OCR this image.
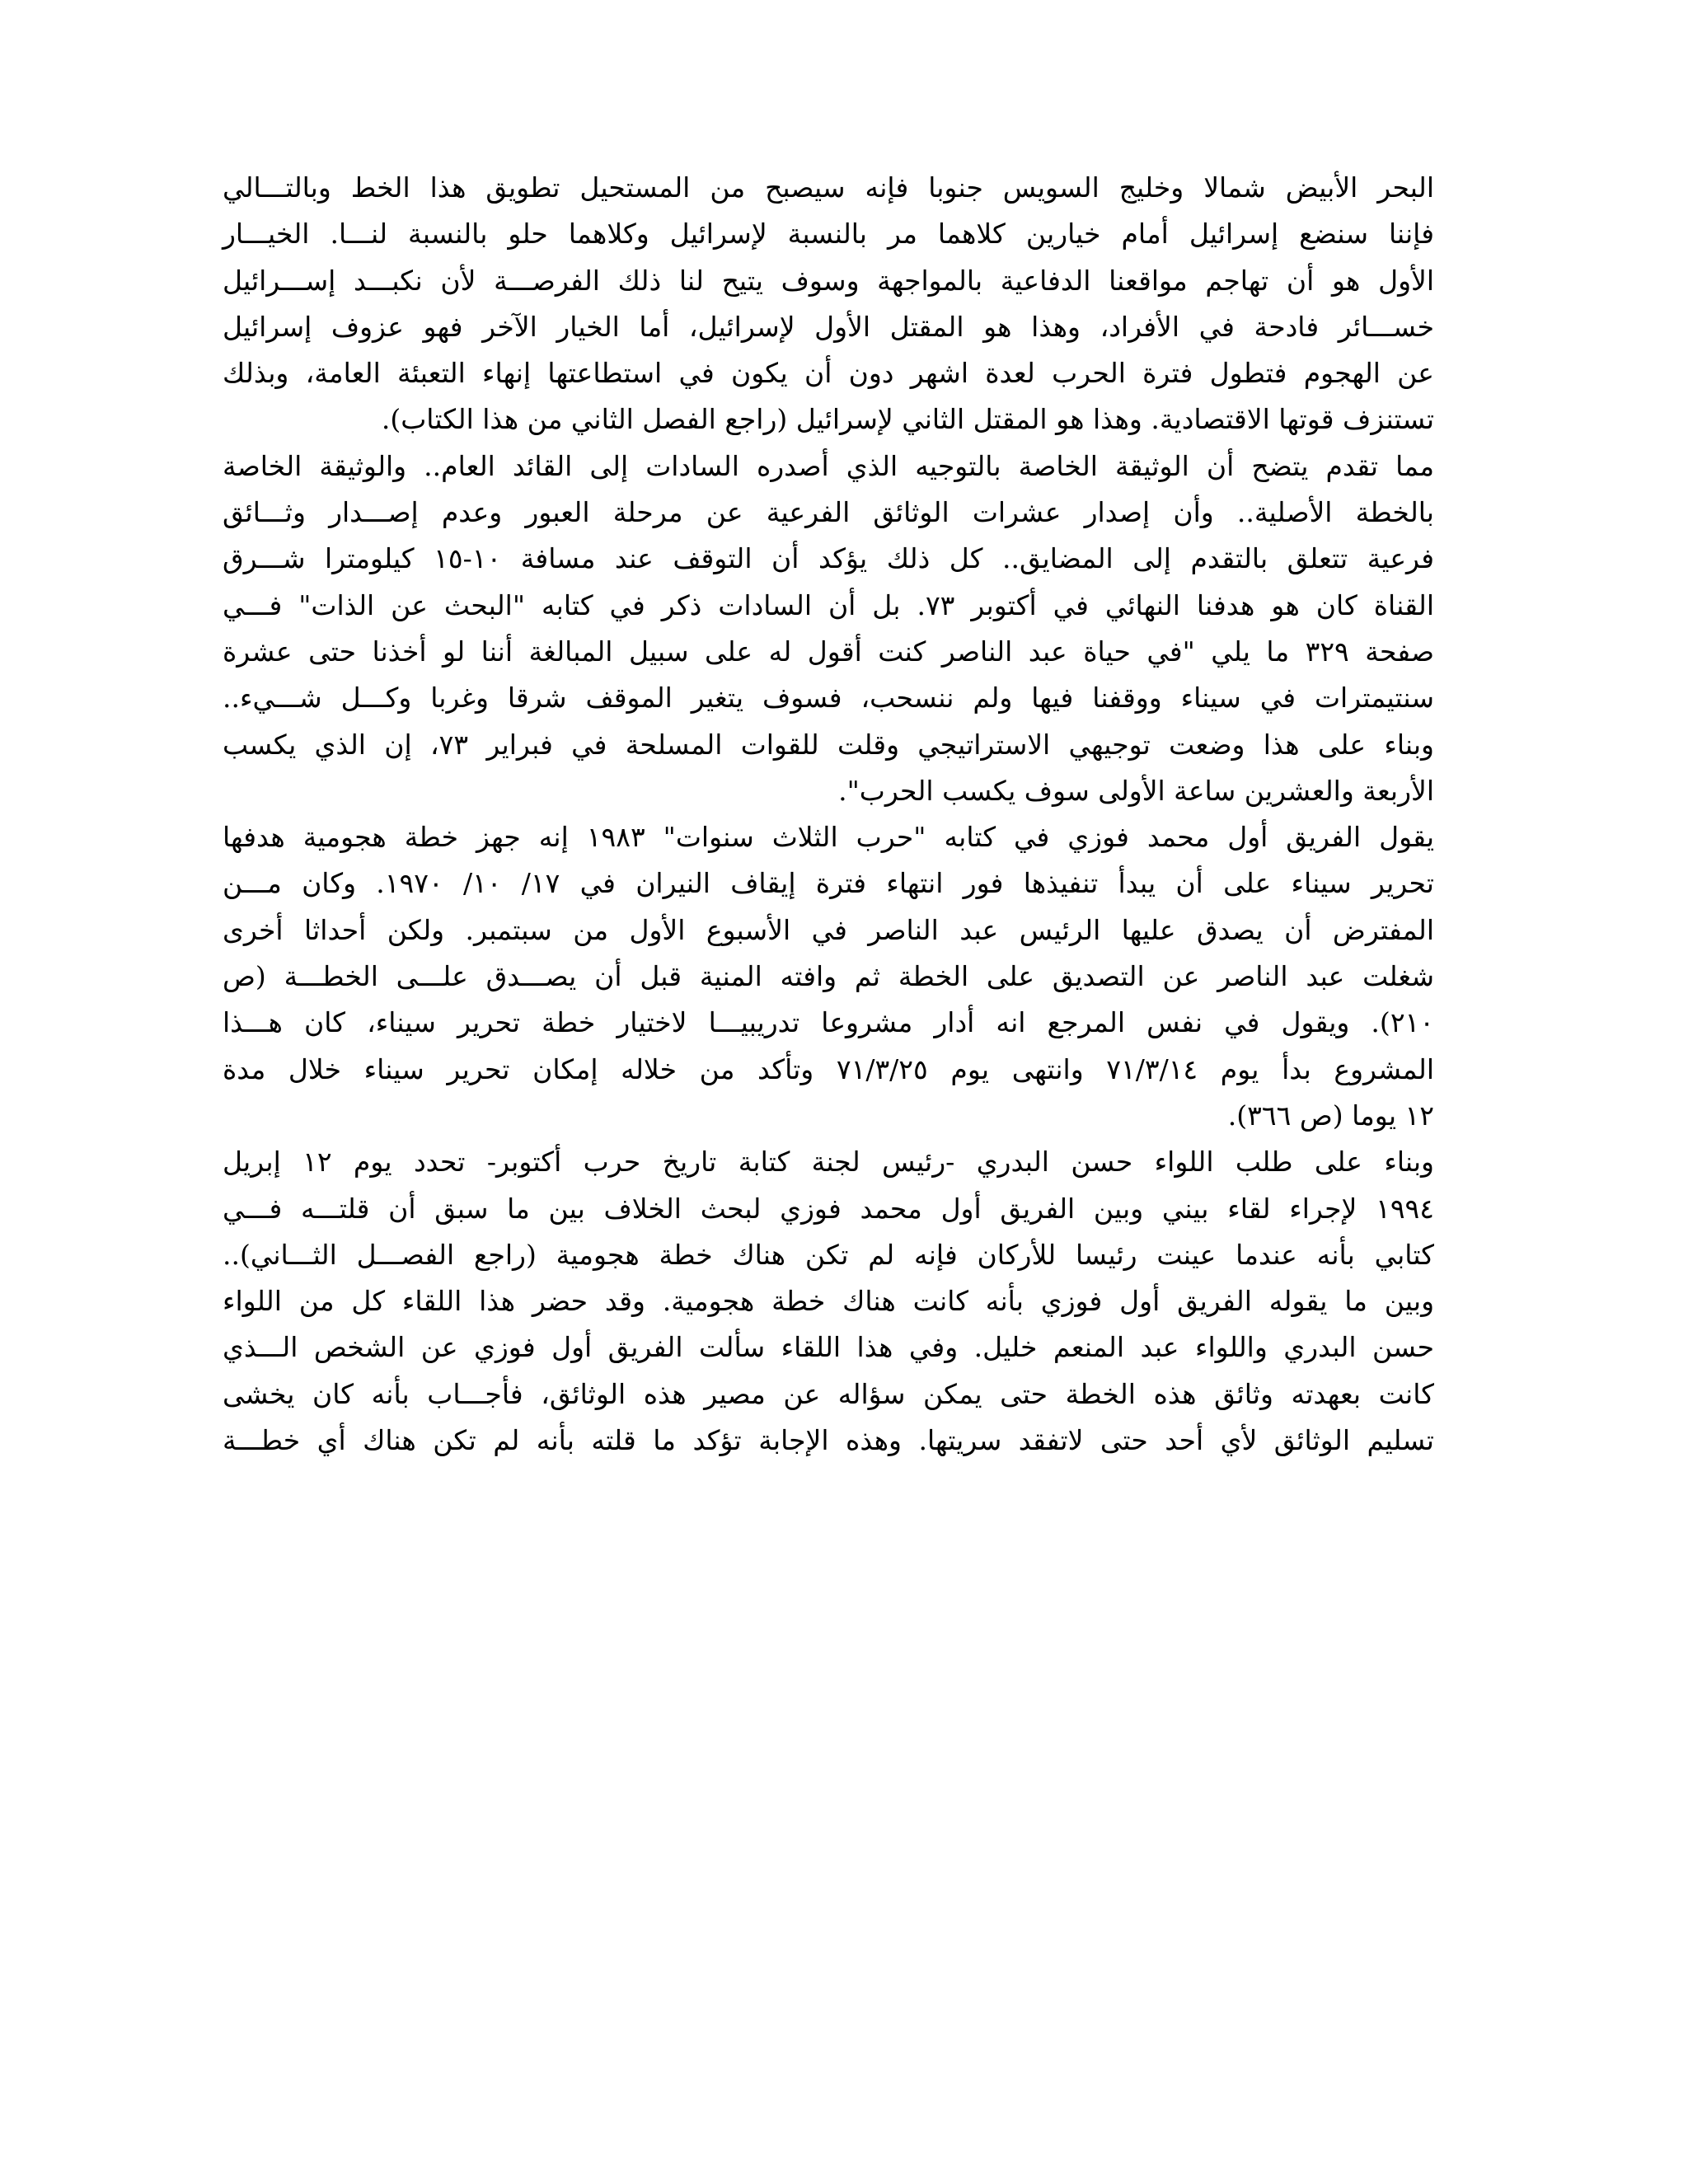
البحر الأبيض شمالا وخليج السويس جنوبا فإنه سيصبح من المستحيل تطويق هذا الخط وبالتـــالي
فإننا سنضع إسرائيل أمام خيارين كلاهما مر بالنسبة لإسرائيل وكلاهما حلو بالنسبة لنـــا. الخيـــار
الأول هو أن تهاجم مواقعنا الدفاعية بالمواجهة وسوف يتيح لنا ذلك الفرصـــة لأن نكبـــد إســـرائيل
خســـائر فادحة في الأفراد، وهذا هو المقتل الأول لإسرائيل، أما الخيار الآخر فهو عزوف إسرائيل
عن الهجوم فتطول فترة الحرب لعدة اشهر دون أن يكون في استطاعتها إنهاء التعبئة العامة، وبذلك
تستنزف قوتها الاقتصادية. وهذا هو المقتل الثاني لإسرائيل (راجع الفصل الثاني من هذا الكتاب).
مما تقدم يتضح أن الوثيقة الخاصة بالتوجيه الذي أصدره السادات إلى القائد العام.. والوثيقة الخاصة
بالخطة الأصلية.. وأن إصدار عشرات الوثائق الفرعية عن مرحلة العبور وعدم إصـــدار وثـــائق
فرعية تتعلق بالتقدم إلى المضايق.. كل ذلك يؤكد أن التوقف عند مسافة ١٠-١٥ كيلومترا شـــرق
القناة كان هو هدفنا النهائي في أكتوبر ٧٣. بل أن السادات ذكر في كتابه "البحث عن الذات" فـــي
صفحة ٣٢٩ ما يلي "في حياة عبد الناصر كنت أقول له على سبيل المبالغة أننا لو أخذنا حتى عشرة
سنتيمترات في سيناء ووقفنا فيها ولم ننسحب، فسوف يتغير الموقف شرقا وغربا وكـــل شـــيء..
وبناء على هذا وضعت توجيهي الاستراتيجي وقلت للقوات المسلحة في فبراير ٧٣، إن الذي يكسب
الأربعة والعشرين ساعة الأولى سوف يكسب الحرب".
يقول الفريق أول محمد فوزي في كتابه "حرب الثلاث سنوات" ١٩٨٣ إنه جهز خطة هجومية هدفها
تحرير سيناء على أن يبدأ تنفيذها فور انتهاء فترة إيقاف النيران في ١٧/ ١٠/ ١٩٧٠. وكان مـــن
المفترض أن يصدق عليها الرئيس عبد الناصر في الأسبوع الأول من سبتمبر. ولكن أحداثا أخرى
شغلت عبد الناصر عن التصديق على الخطة ثم وافته المنية قبل أن يصـــدق علـــى الخطـــة (ص
٢١٠). ويقول في نفس المرجع انه أدار مشروعا تدريبيـــا لاختيار خطة تحرير سيناء، كان هـــذا
المشروع بدأ يوم ٧١/٣/١٤ وانتهى يوم ٧١/٣/٢٥ وتأكد من خلاله إمكان تحرير سيناء خلال مدة
١٢ يوما (ص ٣٦٦).
وبناء على طلب اللواء حسن البدري -رئيس لجنة كتابة تاريخ حرب أكتوبر- تحدد يوم ١٢ إبريل
١٩٩٤ لإجراء لقاء بيني وبين الفريق أول محمد فوزي لبحث الخلاف بين ما سبق أن قلتـــه فـــي
كتابي بأنه عندما عينت رئيسا للأركان فإنه لم تكن هناك خطة هجومية (راجع الفصـــل الثـــاني)..
وبين ما يقوله الفريق أول فوزي بأنه كانت هناك خطة هجومية. وقد حضر هذا اللقاء كل من اللواء
حسن البدري واللواء عبد المنعم خليل. وفي هذا اللقاء سألت الفريق أول فوزي عن الشخص الـــذي
كانت بعهدته وثائق هذه الخطة حتى يمكن سؤاله عن مصير هذه الوثائق، فأجـــاب بأنه كان يخشى
تسليم الوثائق لأي أحد حتى لاتفقد سريتها. وهذه الإجابة تؤكد ما قلته بأنه لم تكن هناك أي خطـــة
